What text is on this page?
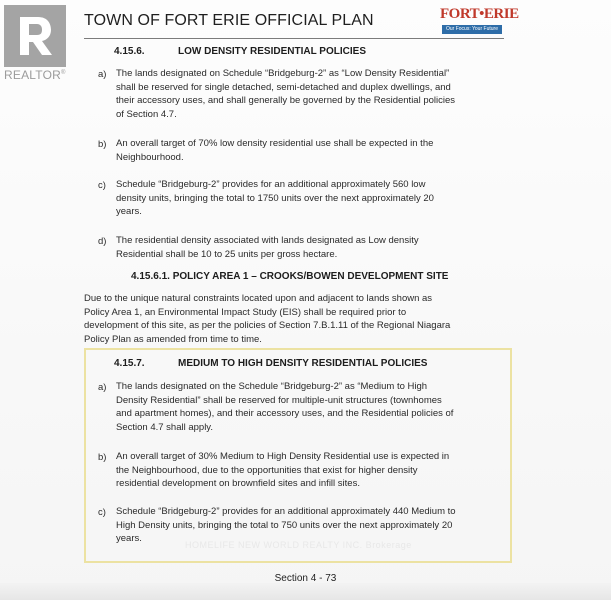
REALTOR®
TOWN OF FORT ERIE OFFICIAL PLAN	FORT•ERIE
Our Focus: Your Future
4.15.6.	LOW DENSITY RESIDENTIAL POLICIES
a) The lands designated on Schedule “Bridgeburg-2” as “Low Density Residential”
shall be reserved for single detached, semi-detached and duplex dwellings, and
their accessory uses, and shall generally be governed by the Residential policies
of Section 4.7.
b) An overall target of 70% low density residential use shall be expected in the
Neighbourhood.
c) Schedule “Bridgeburg-2” provides for an additional approximately 560 low
density units, bringing the total to 1750 units over the next approximately 20
years.
d) The residential density associated with lands designated as Low density
Residential shall be 10 to 25 units per gross hectare.
4.15.6.1. POLICY AREA 1 – CROOKS/BOWEN DEVELOPMENT SITE
Due to the unique natural constraints located upon and adjacent to lands shown as
Policy Area 1, an Environmental Impact Study (EIS) shall be required prior to
development of this site, as per the policies of Section 7.B.1.11 of the Regional Niagara
Policy Plan as amended from time to time.
4.15.7.	MEDIUM TO HIGH DENSITY RESIDENTIAL POLICIES
a) The lands designated on the Schedule “Bridgeburg-2” as “Medium to High
Density Residential” shall be reserved for multiple-unit structures (townhomes
and apartment homes), and their accessory uses, and the Residential policies of
Section 4.7 shall apply.
b) An overall target of 30% Medium to High Density Residential use is expected in
the Neighbourhood, due to the opportunities that exist for higher density
residential development on brownfield sites and infill sites.
c) Schedule “Bridgeburg-2” provides for an additional approximately 440 Medium to
High Density units, bringing the total to 750 units over the next approximately 20
years.
HOMELIFE NEW WORLD REALTY INC. Brokerage
Section 4 - 73
